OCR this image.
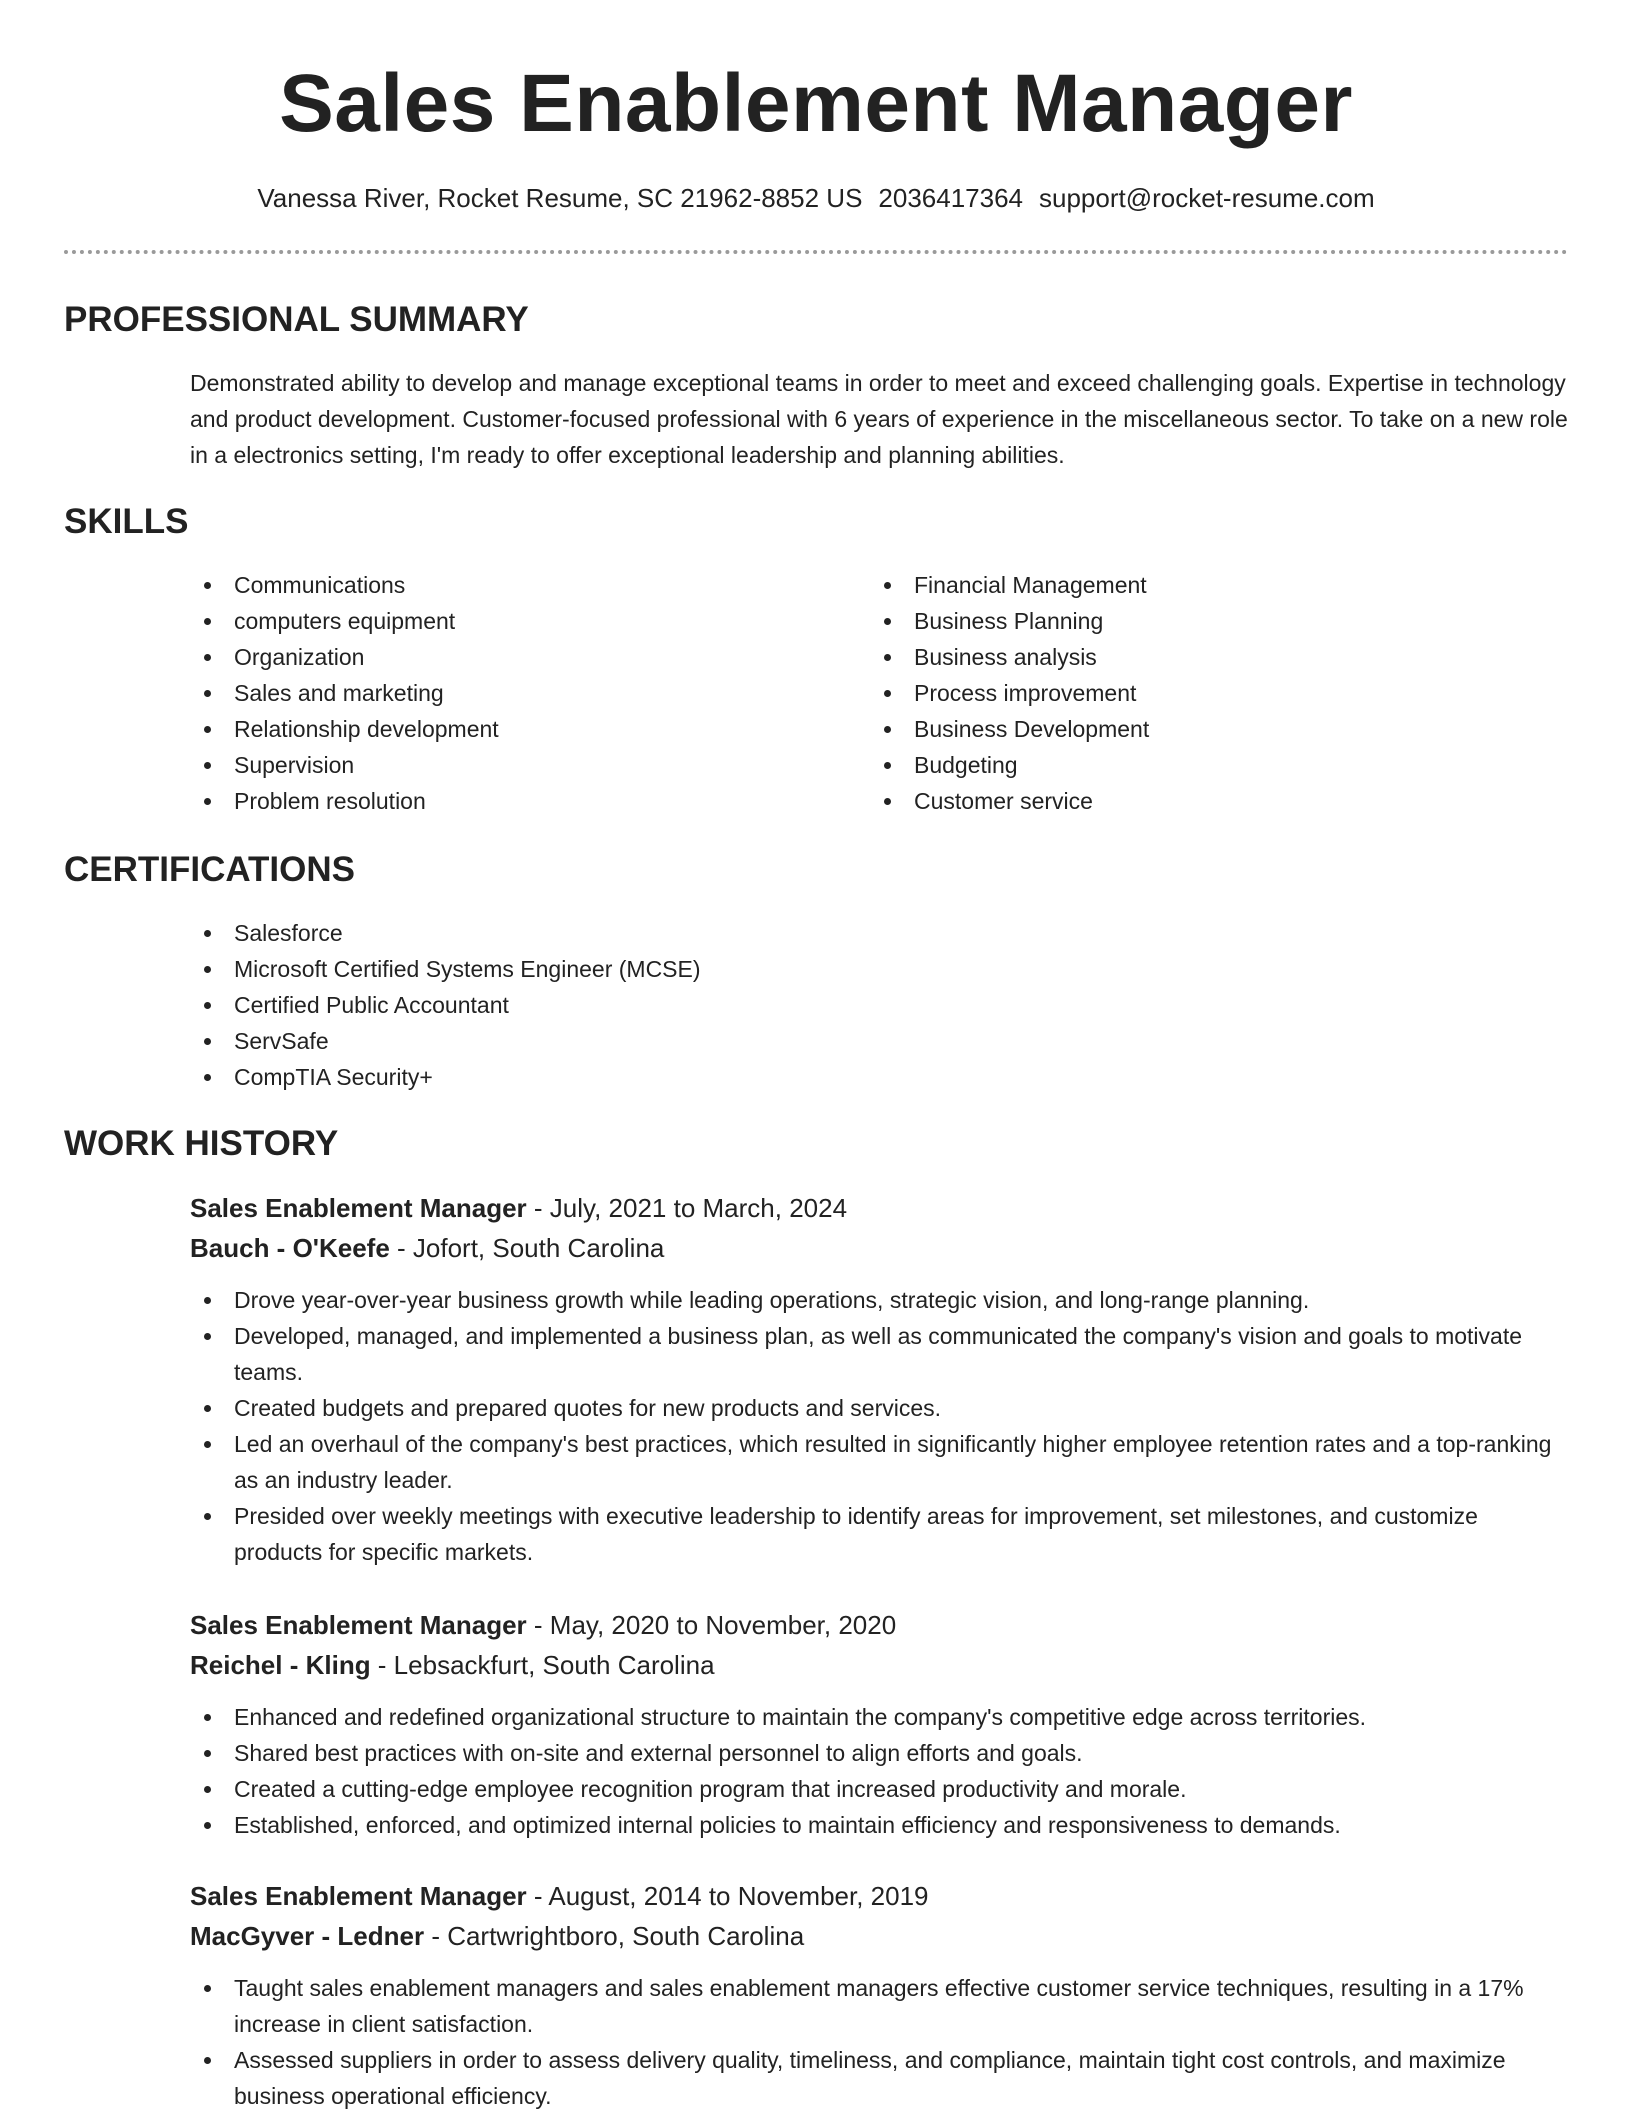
Sales Enablement Manager
Vanessa River, Rocket Resume, SC 21962-8852 US 2036417364 support@rocket-resume.com
PROFESSIONAL SUMMARY
Demonstrated ability to develop and manage exceptional teams in order to meet and exceed challenging goals. Expertise in technology and product development. Customer-focused professional with 6 years of experience in the miscellaneous sector. To take on a new role in a electronics setting, I'm ready to offer exceptional leadership and planning abilities.
SKILLS
Communications
computers equipment
Organization
Sales and marketing
Relationship development
Supervision
Problem resolution
Financial Management
Business Planning
Business analysis
Process improvement
Business Development
Budgeting
Customer service
CERTIFICATIONS
Salesforce
Microsoft Certified Systems Engineer (MCSE)
Certified Public Accountant
ServSafe
CompTIA Security+
WORK HISTORY
Sales Enablement Manager - July, 2021 to March, 2024
Bauch - O'Keefe - Jofort, South Carolina
Drove year-over-year business growth while leading operations, strategic vision, and long-range planning.
Developed, managed, and implemented a business plan, as well as communicated the company's vision and goals to motivate teams.
Created budgets and prepared quotes for new products and services.
Led an overhaul of the company's best practices, which resulted in significantly higher employee retention rates and a top-ranking as an industry leader.
Presided over weekly meetings with executive leadership to identify areas for improvement, set milestones, and customize products for specific markets.
Sales Enablement Manager - May, 2020 to November, 2020
Reichel - Kling - Lebsackfurt, South Carolina
Enhanced and redefined organizational structure to maintain the company's competitive edge across territories.
Shared best practices with on-site and external personnel to align efforts and goals.
Created a cutting-edge employee recognition program that increased productivity and morale.
Established, enforced, and optimized internal policies to maintain efficiency and responsiveness to demands.
Sales Enablement Manager - August, 2014 to November, 2019
MacGyver - Ledner - Cartwrightboro, South Carolina
Taught sales enablement managers and sales enablement managers effective customer service techniques, resulting in a 17% increase in client satisfaction.
Assessed suppliers in order to assess delivery quality, timeliness, and compliance, maintain tight cost controls, and maximize business operational efficiency.
